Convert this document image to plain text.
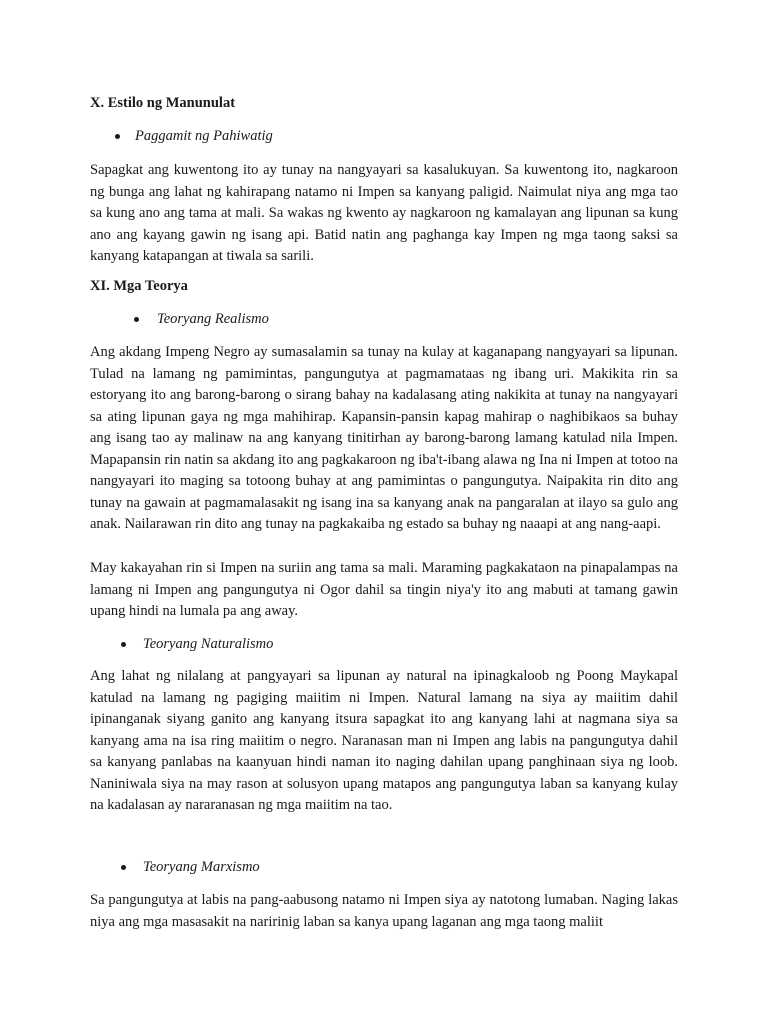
X. Estilo ng Manunulat
Paggamit ng Pahiwatig
Sapagkat ang kuwentong ito ay tunay na nangyayari sa kasalukuyan. Sa kuwentong ito, nagkaroon ng bunga ang lahat ng kahirapang natamo ni Impen sa kanyang paligid. Naimulat niya ang mga tao sa kung ano ang tama at mali. Sa wakas ng kwento ay nagkaroon ng kamalayan ang lipunan sa kung ano ang kayang gawin ng isang api. Batid natin ang paghanga kay Impen ng mga taong saksi sa kanyang katapangan at tiwala sa sarili.
XI. Mga Teorya
Teoryang Realismo
Ang akdang Impeng Negro ay sumasalamin sa tunay na kulay at kaganapang nangyayari sa lipunan. Tulad na lamang ng pamimintas, pangungutya at pagmamataas ng ibang uri. Makikita rin sa estoryang ito ang barong-barong o sirang bahay na kadalasang ating nakikita at tunay na nangyayari sa ating lipunan gaya ng mga mahihirap. Kapansin-pansin kapag mahirap o naghibikaos sa buhay ang isang tao ay malinaw na ang kanyang tinitirhan ay barong-barong lamang katulad nila Impen. Mapapansin rin natin sa akdang ito ang pagkakaroon ng iba't-ibang alawa ng Ina ni Impen at totoo na nangyayari ito maging sa totoong buhay at ang pamimintas o pangungutya. Naipakita rin dito ang tunay na gawain at pagmamalasakit ng isang ina sa kanyang anak na pangaralan at ilayo sa gulo ang anak. Nailarawan rin dito ang tunay na pagkakaiba ng estado sa buhay ng naaapi at ang nang-aapi.
May kakayahan rin si Impen na suriin ang tama sa mali. Maraming pagkakataon na pinapalampas na lamang ni Impen ang pangungutya ni Ogor dahil sa tingin niya'y ito ang mabuti at tamang gawin upang hindi na lumala pa ang away.
Teoryang Naturalismo
Ang lahat ng nilalang at pangyayari sa lipunan ay natural na ipinagkaloob ng Poong Maykapal katulad na lamang ng pagiging maiitim ni Impen. Natural lamang na siya ay maiitim dahil ipinanganak siyang ganito ang kanyang itsura sapagkat ito ang kanyang lahi at nagmana siya sa kanyang ama na isa ring maiitim o negro. Naranasan man ni Impen ang labis na pangungutya dahil sa kanyang panlabas na kaanyuan hindi naman ito naging dahilan upang panghinaan siya ng loob. Naniniwala siya na may rason at solusyon upang matapos ang pangungutya laban sa kanyang kulay na kadalasan ay nararanasan ng mga maiitim na tao.
Teoryang Marxismo
Sa pangungutya at labis na pang-aabusong natamo ni Impen siya ay natotong lumaban. Naging lakas niya ang mga masasakit na naririnig laban sa kanya upang laganan ang mga taong maliit
